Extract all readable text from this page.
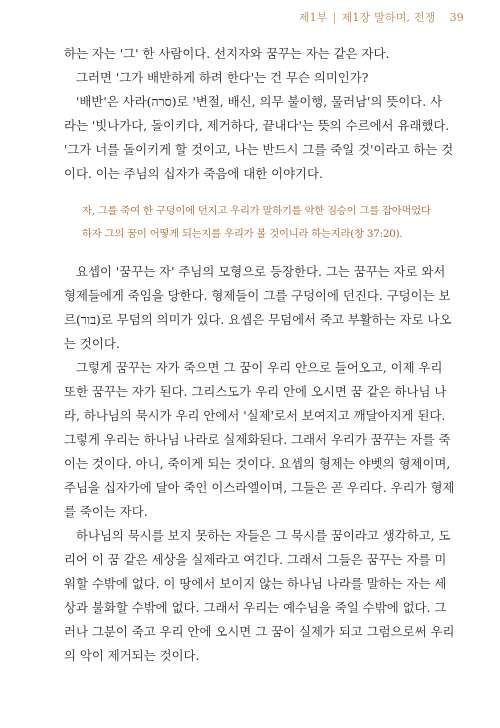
제1부 | 제1장 말하며, 전쟁 39
하는 자는 '그' 한 사람이다. 선지자와 꿈꾸는 자는 같은 자다.
그러면 '그가 배반하게 하려 한다'는 건 무슨 의미인가?
'배반'은 사라(סרה)로 '변절, 배신, 의무 불이행, 물러남'의 뜻이다. 사
라는 '빗나가다, 돌이키다, 제거하다, 끝내다'는 뜻의 수르에서 유래했다.
'그가 너를 돌이키게 할 것이고, 나는 반드시 그를 죽일 것'이라고 하는 것
이다. 이는 주님의 십자가 죽음에 대한 이야기다.
자, 그를 죽여 한 구덩이에 던지고 우리가 말하기를 악한 짐승이 그를 잡아먹었다
하자 그의 꿈이 어떻게 되는지를 우리가 볼 것이니라 하는지라(창 37:20).
요셉이 '꿈꾸는 자' 주님의 모형으로 등장한다. 그는 꿈꾸는 자로 와서
형제들에게 죽임을 당한다. 형제들이 그를 구덩이에 던진다. 구덩이는 보
르(בור)로 무덤의 의미가 있다. 요셉은 무덤에서 죽고 부활하는 자로 나오
는 것이다.
그렇게 꿈꾸는 자가 죽으면 그 꿈이 우리 안으로 들어오고, 이제 우리
또한 꿈꾸는 자가 된다. 그리스도가 우리 안에 오시면 꿈 같은 하나님 나
라, 하나님의 묵시가 우리 안에서 '실제'로서 보여지고 깨달아지게 된다.
그렇게 우리는 하나님 나라로 실제화된다. 그래서 우리가 꿈꾸는 자를 죽
이는 것이다. 아니, 죽이게 되는 것이다. 요셉의 형제는 야벳의 형제이며,
주님을 십자가에 달아 죽인 이스라엘이며, 그들은 곧 우리다. 우리가 형제
를 죽이는 자다.
하나님의 묵시를 보지 못하는 자들은 그 묵시를 꿈이라고 생각하고, 도
리어 이 꿈 같은 세상을 실제라고 여긴다. 그래서 그들은 꿈꾸는 자를 미
워할 수밖에 없다. 이 땅에서 보이지 않는 하나님 나라를 말하는 자는 세
상과 불화할 수밖에 없다. 그래서 우리는 예수님을 죽일 수밖에 없다. 그
러나 그분이 죽고 우리 안에 오시면 그 꿈이 실제가 되고 그럼으로써 우리
의 악이 제거되는 것이다.
